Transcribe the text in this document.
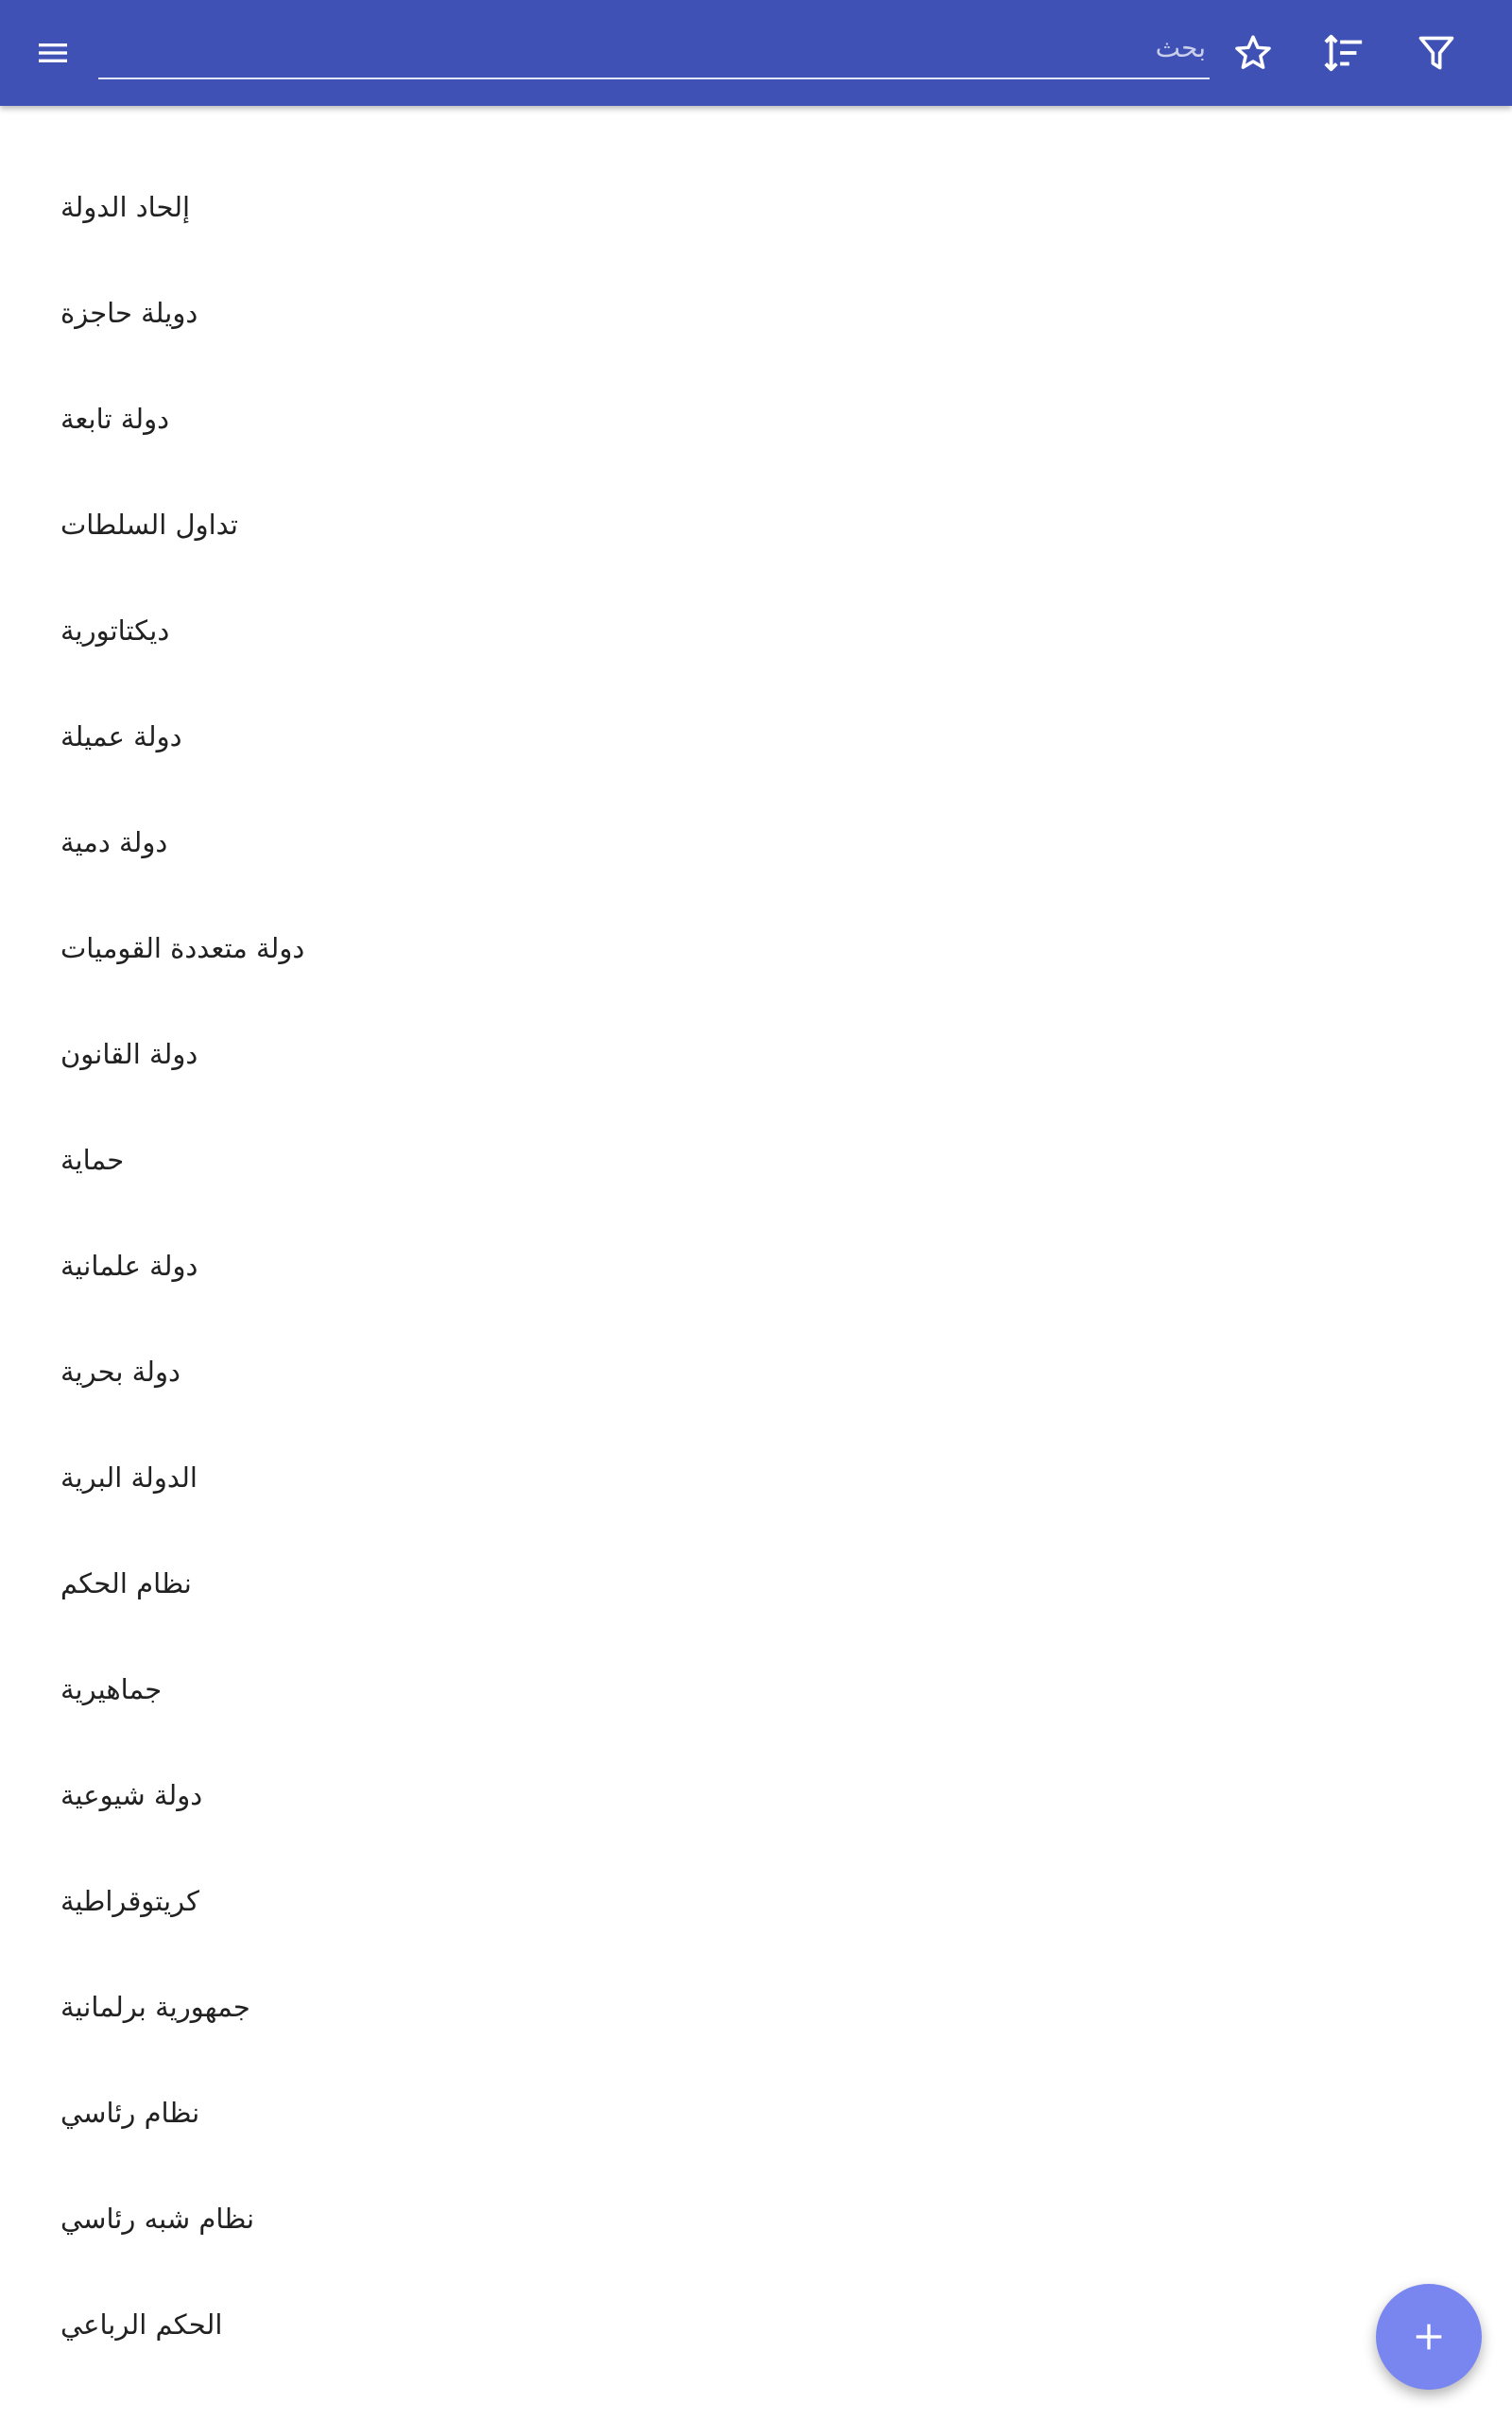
بحث
إلحاد الدولة
دويلة حاجزة
دولة تابعة
تداول السلطات
ديكتاتورية
دولة عميلة
دولة دمية
دولة متعددة القوميات
دولة القانون
حماية
دولة علمانية
دولة بحرية
الدولة البرية
نظام الحكم
جماهيرية
دولة شيوعية
كريتوقراطية
جمهورية برلمانية
نظام رئاسي
نظام شبه رئاسي
الحكم الرباعي
